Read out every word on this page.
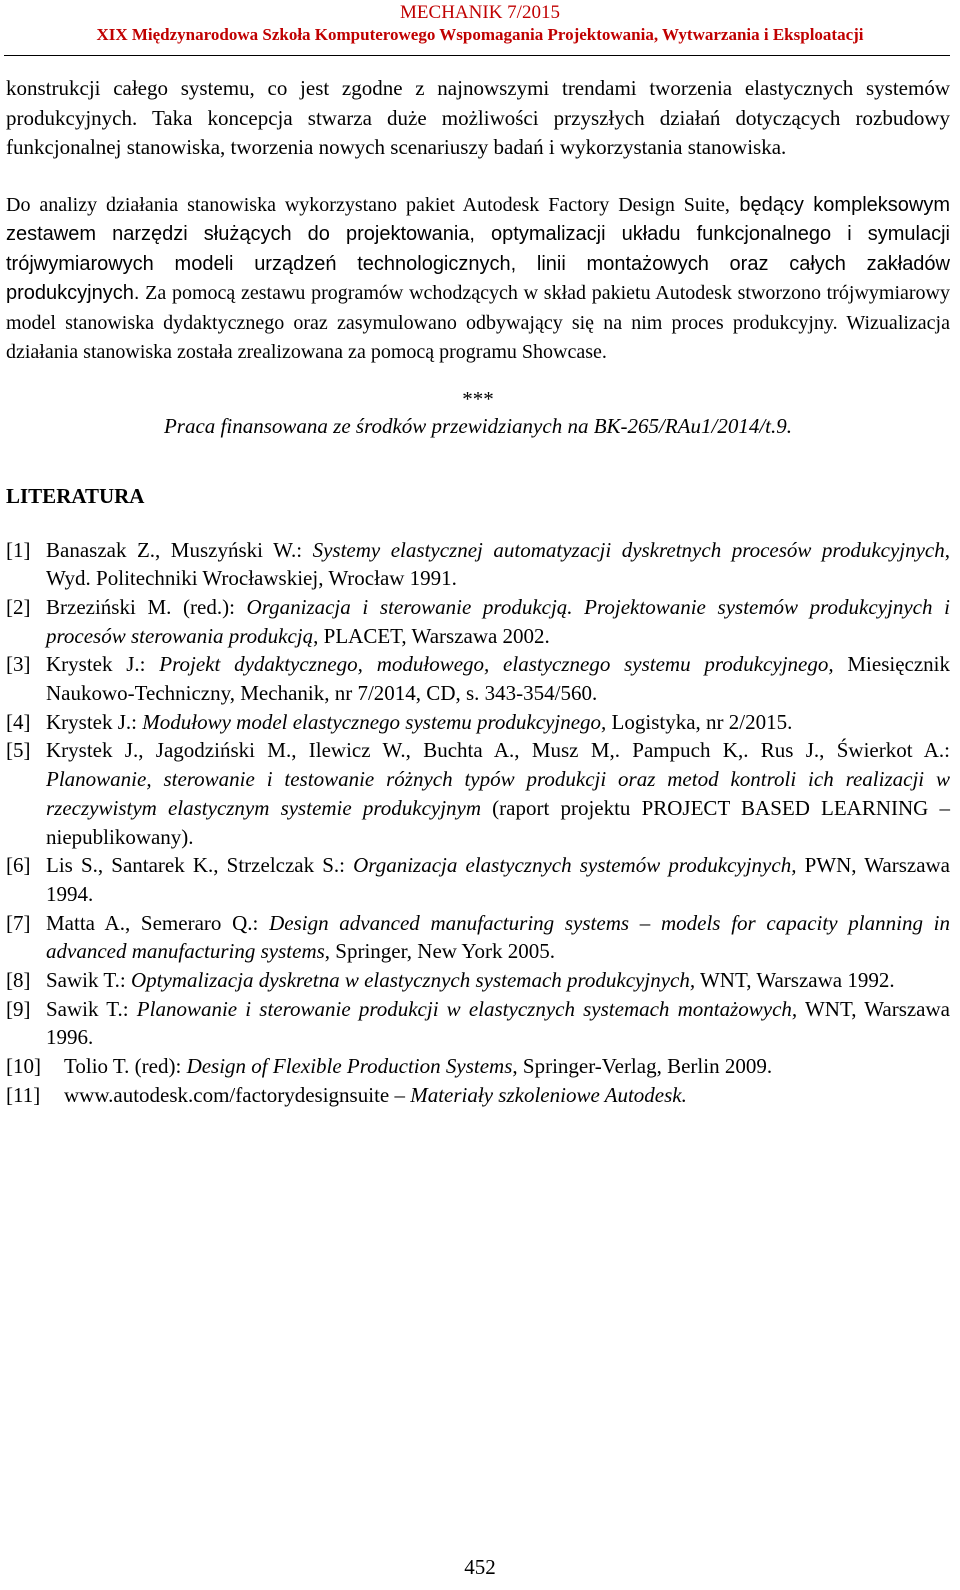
MECHANIK 7/2015
XIX Międzynarodowa Szkoła Komputerowego Wspomagania Projektowania, Wytwarzania i Eksploatacji

konstrukcji całego systemu, co jest zgodne z najnowszymi trendami tworzenia elastycznych systemów produkcyjnych. Taka koncepcja stwarza duże możliwości przyszłych działań dotyczących rozbudowy funkcjonalnej stanowiska, tworzenia nowych scenariuszy badań i wykorzystania stanowiska.

Do analizy działania stanowiska wykorzystano pakiet Autodesk Factory Design Suite, będący kompleksowym zestawem narzędzi służących do projektowania, optymalizacji układu funkcjonalnego i symulacji trójwymiarowych modeli urządzeń technologicznych, linii montażowych oraz całych zakładów produkcyjnych. Za pomocą zestawu programów wchodzących w skład pakietu Autodesk stworzono trójwymiarowy model stanowiska dydaktycznego oraz zasymulowano odbywający się na nim proces produkcyjny. Wizualizacja działania stanowiska została zrealizowana za pomocą programu Showcase.

***
Praca finansowana ze środków przewidzianych na BK-265/RAu1/2014/t.9.
LITERATURA
[1] Banaszak Z., Muszyński W.: Systemy elastycznej automatyzacji dyskretnych procesów produkcyjnych, Wyd. Politechniki Wrocławskiej, Wrocław 1991.
[2] Brzeziński M. (red.): Organizacja i sterowanie produkcją. Projektowanie systemów produkcyjnych i procesów sterowania produkcją, PLACET, Warszawa 2002.
[3] Krystek J.: Projekt dydaktycznego, modułowego, elastycznego systemu produkcyjnego, Miesięcznik Naukowo-Techniczny, Mechanik, nr 7/2014, CD, s. 343-354/560.
[4] Krystek J.: Modułowy model elastycznego systemu produkcyjnego, Logistyka, nr 2/2015.
[5] Krystek J., Jagodziński M., Ilewicz W., Buchta A., Musz M,. Pampuch K,. Rus J., Świerkot A.: Planowanie, sterowanie i testowanie różnych typów produkcji oraz metod kontroli ich realizacji w rzeczywistym elastycznym systemie produkcyjnym (raport projektu PROJECT BASED LEARNING – niepublikowany).
[6] Lis S., Santarek K., Strzelczak S.: Organizacja elastycznych systemów produkcyjnych, PWN, Warszawa 1994.
[7] Matta A., Semeraro Q.: Design advanced manufacturing systems – models for capacity planning in advanced manufacturing systems, Springer, New York 2005.
[8] Sawik T.: Optymalizacja dyskretna w elastycznych systemach produkcyjnych, WNT, Warszawa 1992.
[9] Sawik T.: Planowanie i sterowanie produkcji w elastycznych systemach montażowych, WNT, Warszawa 1996.
[10]	Tolio T. (red): Design of Flexible Production Systems, Springer-Verlag, Berlin 2009.
[11]	www.autodesk.com/factorydesignsuite – Materiały szkoleniowe Autodesk.
452
